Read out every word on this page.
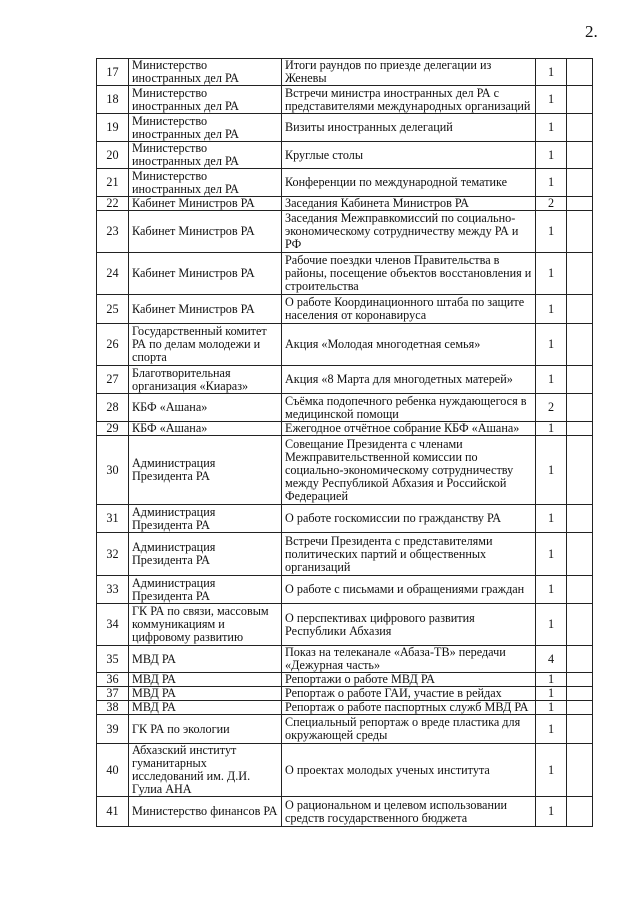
2.
17	Министерство иностранных дел РА	Итоги раундов по приезде делегации из Женевы	1	
18	Министерство иностранных дел РА	Встречи министра иностранных дел РА с представителями международных организаций	1	
19	Министерство иностранных дел РА	Визиты иностранных делегаций	1	
20	Министерство иностранных дел РА	Круглые столы	1	
21	Министерство иностранных дел РА	Конференции по международной тематике	1	
22	Кабинет Министров РА	Заседания Кабинета Министров РА	2	
23	Кабинет Министров РА	Заседания Межправкомиссий по социально-экономическому сотрудничеству между РА и РФ	1	
24	Кабинет Министров РА	Рабочие поездки членов Правительства в районы, посещение объектов восстановления и строительства	1	
25	Кабинет Министров РА	О работе Координационного штаба по защите населения от коронавируса	1	
26	Государственный комитет РА по делам молодежи и спорта	Акция «Молодая многодетная семья»	1	
27	Благотворительная организация «Киараз»	Акция «8 Марта для многодетных матерей»	1	
28	КБФ «Ашана»	Съёмка подопечного ребенка нуждающегося в медицинской помощи	2	
29	КБФ «Ашана»	Ежегодное отчётное собрание КБФ «Ашана»	1	
30	Администрация Президента РА	Совещание Президента с членами Межправительственной комиссии по социально-экономическому сотрудничеству между Республикой Абхазия и Российской Федерацией	1	
31	Администрация Президента РА	О работе госкомиссии по гражданству РА	1	
32	Администрация Президента РА	Встречи Президента с представителями политических партий и общественных организаций	1	
33	Администрация Президента РА	О работе с письмами и обращениями граждан	1	
34	ГК РА по связи, массовым коммуникациям и цифровому развитию	О перспективах цифрового развития Республики Абхазия	1	
35	МВД РА	Показ на телеканале «Абаза-ТВ» передачи «Дежурная часть»	4	
36	МВД РА	Репортажи о работе МВД РА	1	
37	МВД РА	Репортаж о работе ГАИ, участие в рейдах	1	
38	МВД РА	Репортаж о работе паспортных служб МВД РА	1	
39	ГК РА по экологии	Специальный репортаж о вреде пластика для окружающей среды	1	
40	Абхазский институт гуманитарных исследований им. Д.И. Гулиа АНА	О проектах молодых ученых института	1	
41	Министерство финансов РА	О рациональном и целевом использовании средств государственного бюджета	1	
